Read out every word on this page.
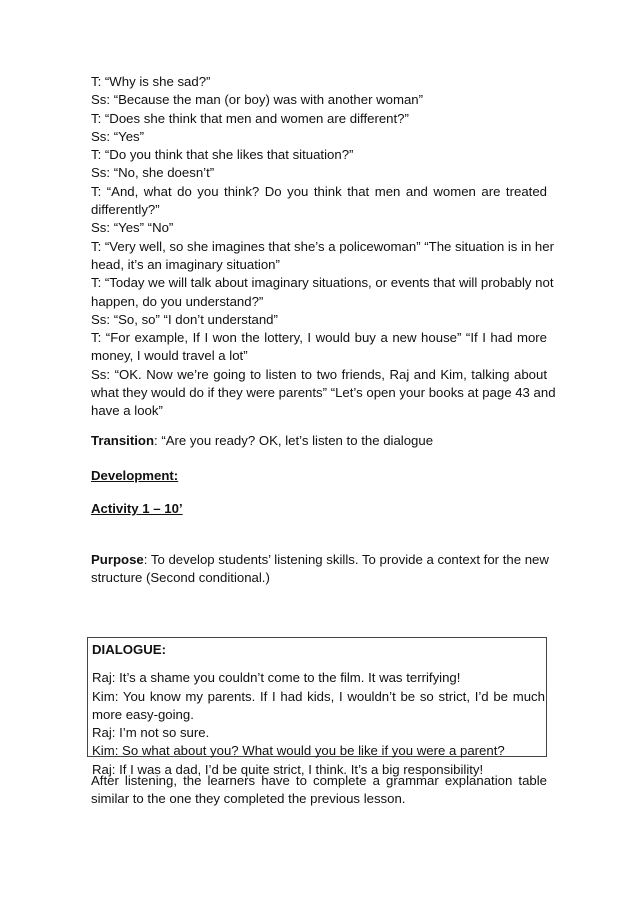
T: “Why is she sad?”
Ss: “Because the man (or boy) was with another woman”
T: “Does she think that men and women are different?”
Ss: “Yes”
T: “Do you think that she likes that situation?”
Ss: “No, she doesn’t”
T: “And, what do you think? Do you think that men and women are treated
differently?”
Ss: “Yes” “No”
T: “Very well, so she imagines that she’s a policewoman” “The situation is in her
head, it’s an imaginary situation”
T: “Today we will talk about imaginary situations, or events that will probably not
happen, do you understand?”
Ss: “So, so” “I don’t understand”
T: “For example, If I won the lottery, I would buy a new house” “If I had more
money, I would travel a lot”
Ss: “OK. Now we’re going to listen to two friends, Raj and Kim, talking about
what they would do if they were parents” “Let’s open your books at page 43 and
have a look”
Transition: “Are you ready? OK, let’s listen to the dialogue
Development:
Activity 1 – 10’
Purpose: To develop students’ listening skills. To provide a context for the new
structure (Second conditional.)
DIALOGUE:
Raj: It’s a shame you couldn’t come to the film. It was terrifying!
Kim: You know my parents. If I had kids, I wouldn’t be so strict, I’d be much
more easy-going.
Raj: I’m not so sure.
Kim: So what about you? What would you be like if you were a parent?
Raj: If I was a dad, I’d be quite strict, I think. It’s a big responsibility!
After listening, the learners have to complete a grammar explanation table
similar to the one they completed the previous lesson.
